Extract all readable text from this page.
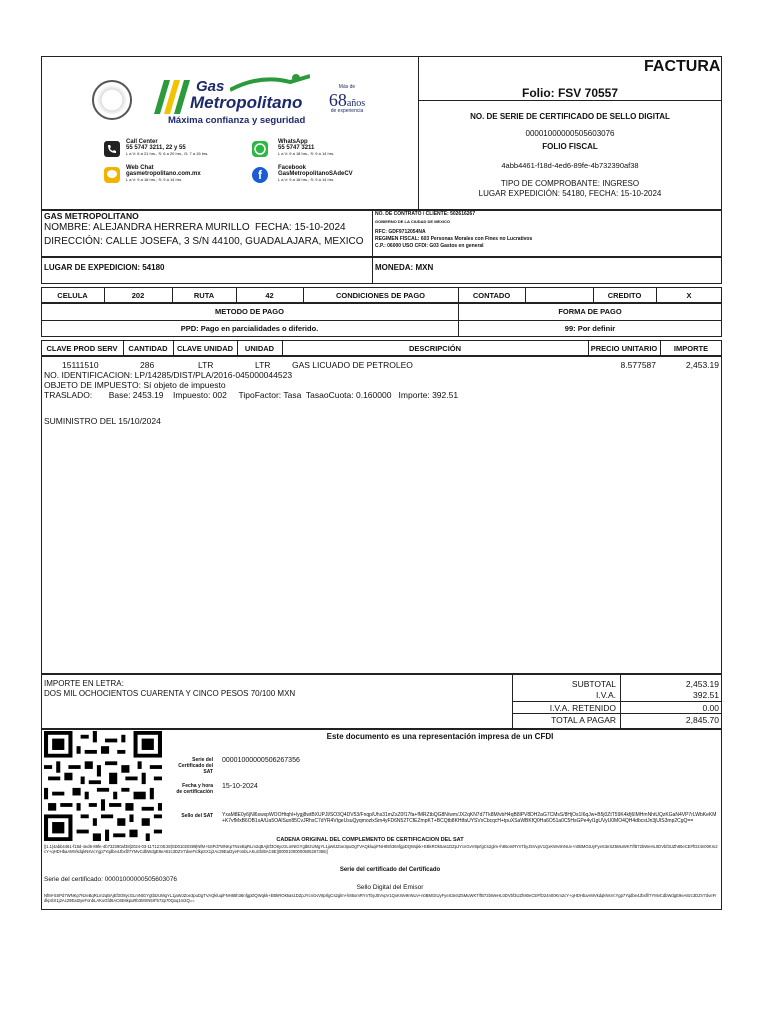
Gas
Metropolitano
Máxima confianza y seguridad
Más de
68años
de experiencia
Call Center
55 5747 3211, 22 y 55
L a V: 6 a 21 hrs., S: 6 a 20 hrs., D: 7 a 15 hrs.
WhatsApp
55 5747 3211
L a V: 9 a 18 hrs., S: 9 a 14 hrs.
Web Chat
gasmetropolitano.com.mx
L a V: 9 a 18 hrs., S: 9 a 14 hrs.	f	Facebook
GasMetropolitanoSAdeCV
L a V: 9 a 18 hrs., S: 9 a 14 hrs.
FACTURA
Folio: FSV 70557
NO. DE SERIE DE CERTIFICADO DE SELLO DIGITAL
00001000000505603076
FOLIO FISCAL
4abb4461-f18d-4ed6-89fe-4b732390af38
TIPO DE COMPROBANTE: INGRESO
LUGAR EXPEDICIÓN: 54180, FECHA: 15-10-2024
GAS METROPOLITANO
NOMBRE: ALEJANDRA HERRERA MURILLO FECHA: 15-10-2024
DIRECCIÓN: CALLE JOSEFA, 3 S/N 44100, GUADALAJARA, MEXICO
NO. DE CONTRATO / CLIENTE: 502616267
GOBIERNO DE LA CIUDAD DE MEXICO
RFC: GDF9712054NA
REGIMEN FISCAL: 603 Personas Morales con Fines no Lucrativos
C.P.: 06000 USO CFDI: G03 Gastos en general
LUGAR DE EXPEDICION: 54180	MONEDA: MXN
CELULA	202	RUTA	42	CONDICIONES DE PAGO	CONTADO	CREDITO	X
METODO DE PAGO	FORMA DE PAGO
PPD: Pago en parcialidades o diferido.	99: Por definir
CLAVE PROD SERV	CANTIDAD	CLAVE UNIDAD	UNIDAD	DESCRIPCIÓN	PRECIO UNITARIO	IMPORTE
15111510	286	LTR	LTR	GAS LICUADO DE PETROLEO	8.577587	2,453.19
NO. IDENTIFICACION: LP/14285/DIST/PLA/2016-045000044523
OBJETO DE IMPUESTO: Sí objeto de impuesto
TRASLADO:       Base: 2453.19    Impuesto: 002     TipoFactor: Tasa  TasaoCuota: 0.160000   Importe: 392.51
SUMINISTRO DEL 15/10/2024
IMPORTE EN LETRA:
DOS MIL OCHOCIENTOS CUARENTA Y CINCO PESOS 70/100 MXN
SUBTOTAL	2,453.19
I.V.A.	392.51
I.V.A. RETENIDO	0.00
TOTAL A PAGAR	2,845.70
Este documento es una representación impresa de un CFDI
Serie del Certificado del SAT
00001000000506267356
Fecha y hora de certificación
15-10-2024
Sello del SAT YxaM8E0y6jNl6swxpWOOHtqhl+lygj8wtBXUPJl/SO3Q4DV53/Fnqp/Uhs31mZsZ0f17fa+fMRZtbQG8N/wm/JX2qKN7d7Tk8M/vbH4qB8lPV8DH2aG7CMsS/8HjOs1I6qJw+B5j0ZtT59K4kfj6IMHmNhtUQzKGaN4VP7rLWbKeKM+K7vfMxB6OB1xA/Ua5OAlSun85CvJRhsC7dYR4VtgeUsuQyqmozlxSm4yFD6N52TCfEZmpKT+BCQtb8KHtfaUYSVxCbcqcH+tpuXSaWBKfQ0Ha6O51a0C5HsGPe4yl1gUVyU0MO4QH4dbcstJn3jUIS3mp2CgQ==
CADENA ORIGINAL DEL COMPLEMENTO DE CERTIFICACION DEL SAT
||1.1|4abb4461-f18d-4ed6-89fe-4b732390af38|2024-03-11T12:08:28|SD01020399|NfM+5SPd7WNKp7NzeBqRLm2qBAjEf3O8ycGLmNtGYgtbtzUMgYL1jaWJZoe3puDgTVAQkluqiFNH85h36nfgpDQWqkk+EBkROk5as1DZpJYcnGvV8prlgCs2glm+h85omRYnTbyJ5VvpV1QxKWv9nNUv+n0BMGtUyFyeS3eSZ5MuWKT/fB72bWeHL0DVbf3UZh80eCE#fO24n00Km2cY+qHDHbaAMVkdqkNsVcYgp7Yqdbe4Jbxfl/7YMvCdbWdgE9eA8zc3DZV7dveFrdkpSX1j2Ac29Eat2yeFonbLAKuGfd6AC6E||00001000000505267356||
Serie del certificado del Certificado
Serie del certificado: 00001000000505603076
Sello Digital del Emisor
NfM+5SPd7WNKp7NzeBqRLm2qBAjEf3O8ycGLmNtGYgtbtzUMgYL1jaWJZoe3puDgTVAQkluqiFNH85h36nfgpDQWqkk+EBkROk5as1DZpJYcnGvV8prlgCs2glm+h85omRYnTbyJ5VvpV1QxKWv9nNUv+n0BMGtUyFyeS3eSZ5MuWKT/fB72bWeHL0DVbf3UZh80eCE#fO24n00Km2cY+qHDHbaAMVkdqkNsVcYgp7Yqdbe4Jbxfl/7YMvCdbWdgE9eA8zc3DZV7dveFrdkpSX1j2Ac29Eat2yeFonbLAKuGfd6AC6E6kpuRb3MXN5rFb72p70Qxq1m2Q==
